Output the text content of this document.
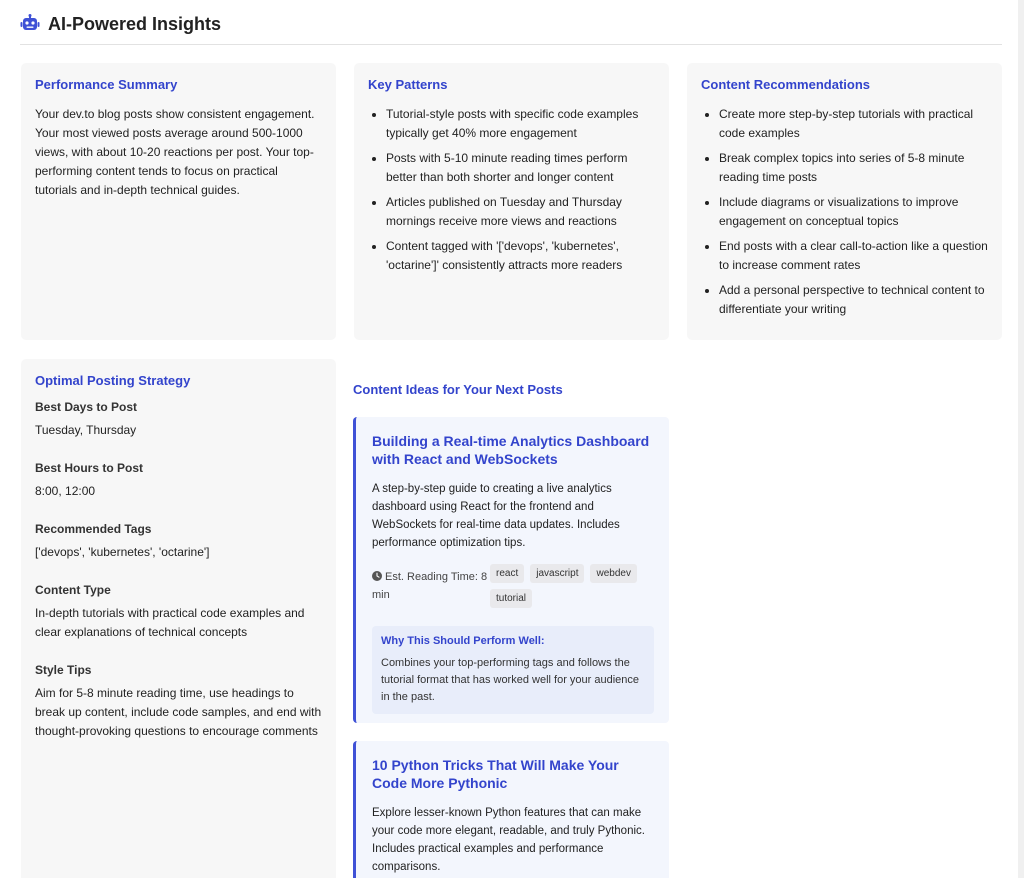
AI-Powered Insights
Performance Summary

Your dev.to blog posts show consistent engagement. Your most viewed posts average around 500-1000 views, with about 10-20 reactions per post. Your top-performing content tends to focus on practical tutorials and in-depth technical guides.

Key Patterns
• Tutorial-style posts with specific code examples typically get 40% more engagement
• Posts with 5-10 minute reading times perform better than both shorter and longer content
• Articles published on Tuesday and Thursday mornings receive more views and reactions
• Content tagged with '['devops', 'kubernetes', 'octarine']' consistently attracts more readers
Content Recommendations
• Create more step-by-step tutorials with practical code examples
• Break complex topics into series of 5-8 minute reading time posts
• Include diagrams or visualizations to improve engagement on conceptual topics
• End posts with a clear call-to-action like a question to increase comment rates
• Add a personal perspective to technical content to differentiate your writing
Optimal Posting Strategy
Best Days to Post
Tuesday, Thursday
Best Hours to Post
8:00, 12:00
Recommended Tags
['devops', 'kubernetes', 'octarine']
Content Type
In-depth tutorials with practical code examples and clear explanations of technical concepts
Style Tips
Aim for 5-8 minute reading time, use headings to break up content, include code samples, and end with thought-provoking questions to encourage comments
Content Ideas for Your Next Posts
Building a Real-time Analytics Dashboard with React and WebSockets
A step-by-step guide to creating a live analytics dashboard using React for the frontend and WebSockets for real-time data updates. Includes performance optimization tips.
Est. Reading Time: 8 min
react	javascript	webdev
tutorial
Why This Should Perform Well:
Combines your top-performing tags and follows the tutorial format that has worked well for your audience in the past.
10 Python Tricks That Will Make Your Code More Pythonic
Explore lesser-known Python features that can make your code more elegant, readable, and truly Pythonic. Includes practical examples and performance comparisons.
